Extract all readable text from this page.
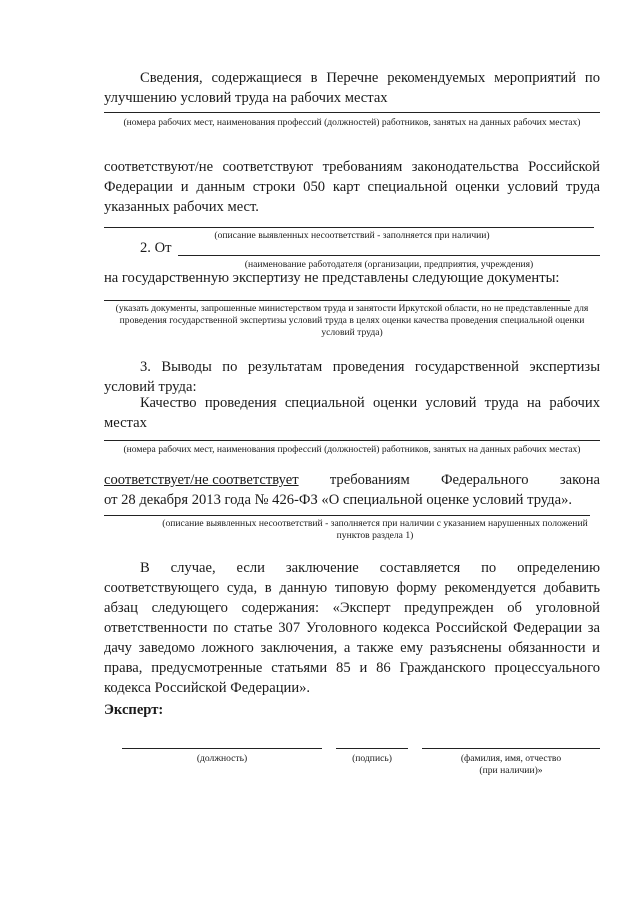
Сведения, содержащиеся в Перечне рекомендуемых мероприятий по
улучшению условий труда на рабочих местах
(номера рабочих мест, наименования профессий (должностей) работников, занятых на данных рабочих местах)
соответствуют/не соответствуют требованиям законодательства Российской
Федерации и данным строки 050 карт специальной оценки условий труда
указанных рабочих мест.
(описание выявленных несоответствий - заполняется при наличии)
2. От
(наименование работодателя (организации, предприятия, учреждения)
на государственную экспертизу не представлены следующие документы:
(указать документы, запрошенные министерством труда и занятости Иркутской области, но не представленные для проведения государственной экспертизы условий труда в целях оценки качества проведения специальной оценки условий труда)
3. Выводы по результатам проведения государственной экспертизы
условий труда:
Качество проведения специальной оценки условий труда на рабочих
местах
(номера рабочих мест, наименования профессий (должностей) работников, занятых на данных рабочих местах)
соответствует/не соответствует требованиям Федерального закона
от 28 декабря 2013 года № 426-ФЗ «О специальной оценке условий труда».
(описание выявленных несоответствий - заполняется при наличии с указанием нарушенных положений пунктов раздела 1)
В случае, если заключение составляется по определению
соответствующего суда, в данную типовую форму рекомендуется добавить
абзац следующего содержания: «Эксперт предупрежден об уголовной
ответственности по статье 307 Уголовного кодекса Российской Федерации за
дачу заведомо ложного заключения, а также ему разъяснены обязанности и
права, предусмотренные статьями 85 и 86 Гражданского процессуального
кодекса Российской Федерации».
Эксперт:
(должность)	(подпись)	(фамилия, имя, отчество
(при наличии)»
